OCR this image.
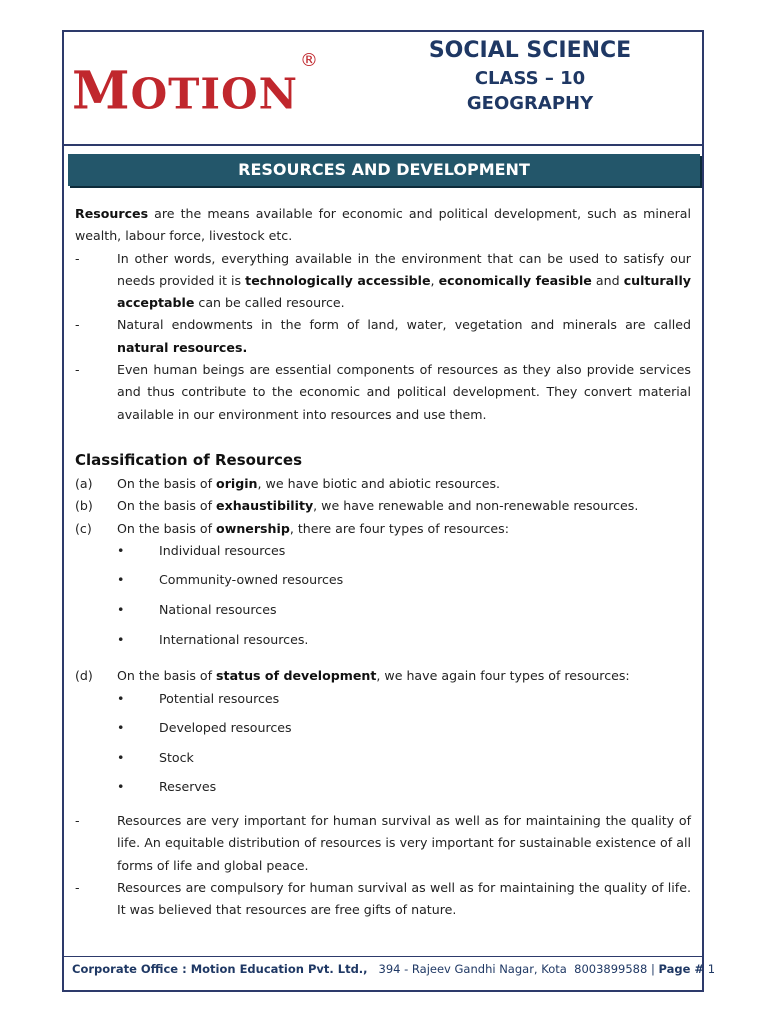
MOTION®	SOCIAL SCIENCE
CLASS – 10
GEOGRAPHY
RESOURCES AND DEVELOPMENT

Resources are the means available for economic and political development, such as mineral wealth, labour force, livestock etc.

-	In other words, everything available in the environment that can be used to satisfy our needs provided it is technologically accessible, economically feasible and culturally acceptable can be called resource.
-	Natural endowments in the form of land, water, vegetation and minerals are called natural resources.
-	Even human beings are essential components of resources as they also provide services and thus contribute to the economic and political development. They convert material available in our environment into resources and use them.
Classification of Resources
(a)	On the basis of origin, we have biotic and abiotic resources.
(b)	On the basis of exhaustibility, we have renewable and non-renewable resources.
(c)	On the basis of ownership, there are four types of resources:
•	Individual resources
•	Community-owned resources
•	National resources
•	International resources.
(d)	On the basis of status of development, we have again four types of resources:
•	Potential resources
•	Developed resources
•	Stock
•	Reserves
-	Resources are very important for human survival as well as for maintaining the quality of life. An equitable distribution of resources is very important for sustainable existence of all forms of life and global peace.
-	Resources are compulsory for human survival as well as for maintaining the quality of life. It was believed that resources are free gifts of nature.
Corporate Office : Motion Education Pvt. Ltd., 394 - Rajeev Gandhi Nagar, Kota 8003899588 | Page # 1
